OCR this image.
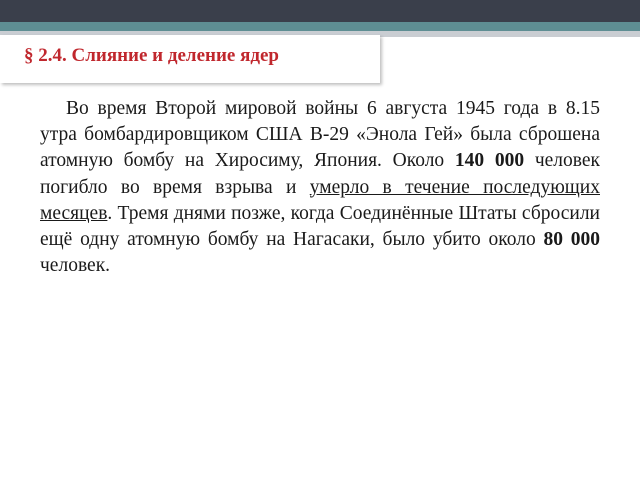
§ 2.4. Слияние и деление ядер

Во время Второй мировой войны 6 августа 1945 года в 8.15 утра бомбардировщиком США B-29 «Энола Гей» была сброшена атомную бомбу на Хиросиму, Япония. Около 140 000 человек погибло во время взрыва и умерло в течение последующих месяцев. Тремя днями позже, когда Соединённые Штаты сбросили ещё одну атомную бомбу на Нагасаки, было убито около 80 000 человек.
